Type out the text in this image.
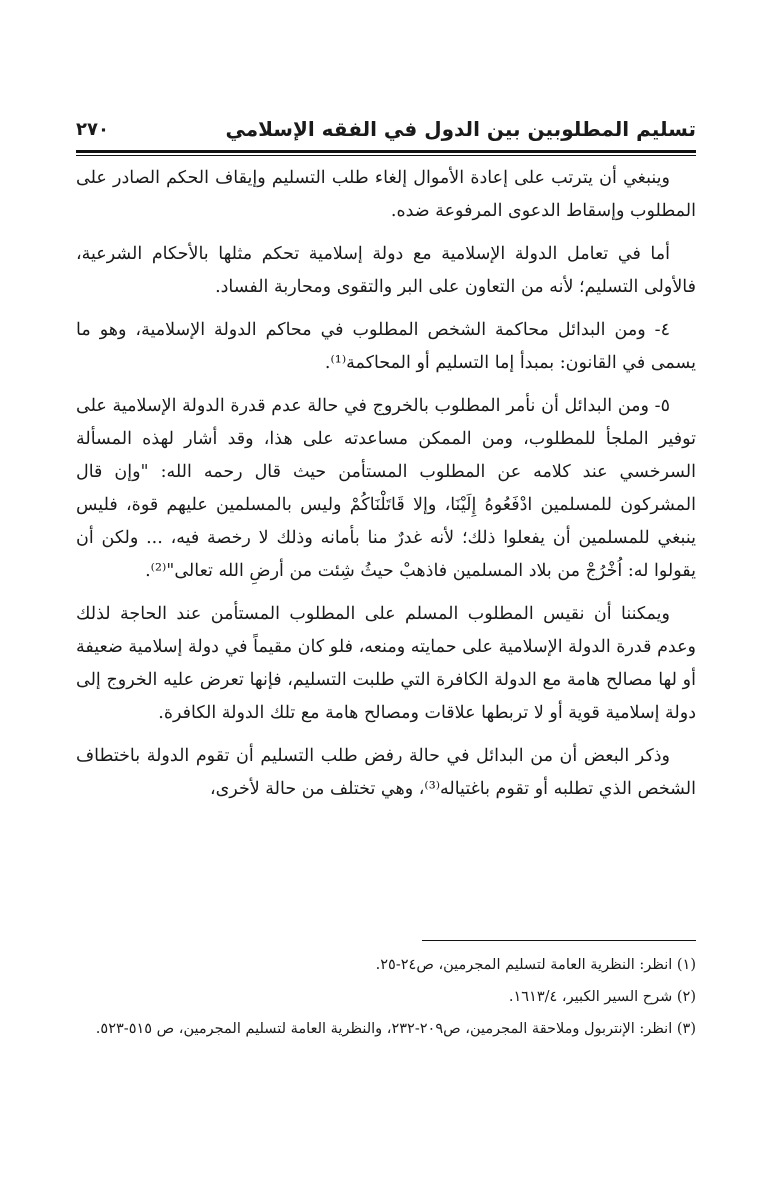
تسليم المطلوبين بين الدول في الفقه الإسلامي
٢٧٠

وينبغي أن يترتب على إعادة الأموال إلغاء طلب التسليم وإيقاف الحكم الصادر على المطلوب وإسقاط الدعوى المرفوعة ضده.

أما في تعامل الدولة الإسلامية مع دولة إسلامية تحكم مثلها بالأحكام الشرعية، فالأولى التسليم؛ لأنه من التعاون على البر والتقوى ومحاربة الفساد.

٤- ومن البدائل محاكمة الشخص المطلوب في محاكم الدولة الإسلامية، وهو ما يسمى في القانون: بمبدأ إما التسليم أو المحاكمة⁽¹⁾.

٥- ومن البدائل أن نأمر المطلوب بالخروج في حالة عدم قدرة الدولة الإسلامية على توفير الملجأ للمطلوب، ومن الممكن مساعدته على هذا، وقد أشار لهذه المسألة السرخسي عند كلامه عن المطلوب المستأمن حيث قال رحمه الله: "وإن قال المشركون للمسلمين ادْفَعُوهُ إِلَيْنَا، وإلا قَاتَلْنَاكُمْ وليس بالمسلمين عليهم قوة، فليس ينبغي للمسلمين أن يفعلوا ذلك؛ لأنه غدرٌ منا بأمانه وذلك لا رخصة فيه، ... ولكن أن يقولوا له: اُخْرُجْ من بلاد المسلمين فاذهبْ حيثُ شِئت من أرضِ الله تعالى"⁽²⁾.

ويمكننا أن نقيس المطلوب المسلم على المطلوب المستأمن عند الحاجة لذلك وعدم قدرة الدولة الإسلامية على حمايته ومنعه، فلو كان مقيماً في دولة إسلامية ضعيفة أو لها مصالح هامة مع الدولة الكافرة التي طلبت التسليم، فإنها تعرض عليه الخروج إلى دولة إسلامية قوية أو لا تربطها علاقات ومصالح هامة مع تلك الدولة الكافرة.

وذكر البعض أن من البدائل في حالة رفض طلب التسليم أن تقوم الدولة باختطاف الشخص الذي تطلبه أو تقوم باغتياله⁽³⁾، وهي تختلف من حالة لأخرى،

(١) انظر: النظرية العامة لتسليم المجرمين، ص٢٤-٢٥.

(٢) شرح السير الكبير، ١٦١٣/٤.

(٣) انظر: الإنتربول وملاحقة المجرمين، ص٢٠٩-٢٣٢، والنظرية العامة لتسليم المجرمين، ص ٥١٥-٥٢٣.
